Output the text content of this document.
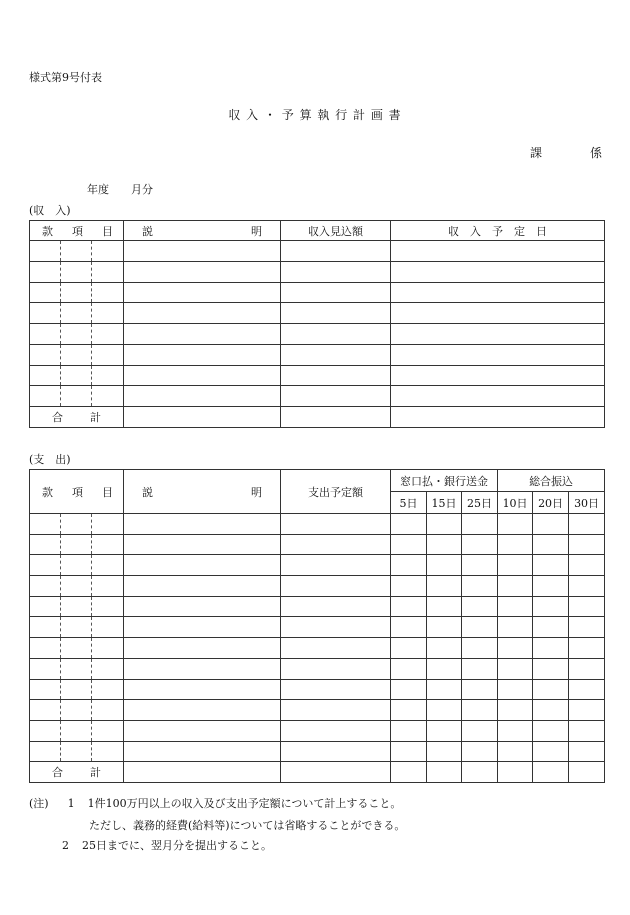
様式第9号付表
収 入 ・ 予 算 執 行 計 画 書
課	係
年度 月分
(収　入)
款 項 目			説 明	収入見込額	収　入　予　定　日

合 計					

(支　出)
款 項 目			説 明	支出予定額	窓口払・銀行送金			総合振込		
					5日	15日	25日	10日	20日	30日

合 計										

(注) 1 1件100万円以上の収入及び支出予定額について計上すること。
ただし、義務的経費(給料等)については省略することができる。
2 25日までに、翌月分を提出すること。
